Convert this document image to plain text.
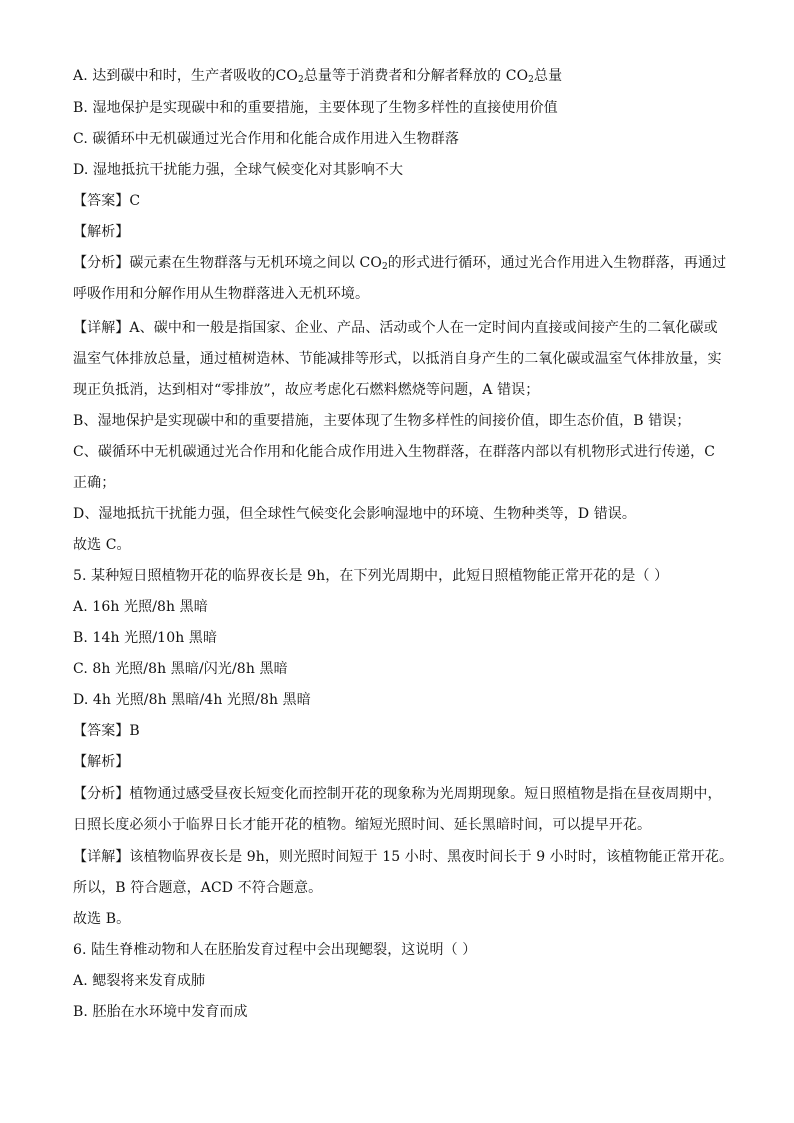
A. 达到碳中和时，生产者吸收的$CO_2$总量等于消费者和分解者释放的 $CO_2$总量
B. 湿地保护是实现碳中和的重要措施，主要体现了生物多样性的直接使用价值
C. 碳循环中无机碳通过光合作用和化能合成作用进入生物群落
D. 湿地抵抗干扰能力强，全球气候变化对其影响不大
【答案】C
【解析】
【分析】碳元素在生物群落与无机环境之间以 $CO_2$的形式进行循环，通过光合作用进入生物群落，再通过
呼吸作用和分解作用从生物群落进入无机环境。
【详解】A、碳中和一般是指国家、企业、产品、活动或个人在一定时间内直接或间接产生的二氧化碳或
温室气体排放总量，通过植树造林、节能减排等形式，以抵消自身产生的二氧化碳或温室气体排放量，实
现正负抵消，达到相对“零排放”，故应考虑化石燃料燃烧等问题，A 错误；
B、湿地保护是实现碳中和的重要措施，主要体现了生物多样性的间接价值，即生态价值，B 错误；
C、碳循环中无机碳通过光合作用和化能合成作用进入生物群落，在群落内部以有机物形式进行传递，C
正确；
D、湿地抵抗干扰能力强，但全球性气候变化会影响湿地中的环境、生物种类等，D 错误。
故选 C。
5. 某种短日照植物开花的临界夜长是 9h，在下列光周期中，此短日照植物能正常开花的是（ ）
A. 16h 光照/8h 黑暗
B. 14h 光照/10h 黑暗
C. 8h 光照/8h 黑暗/闪光/8h 黑暗
D. 4h 光照/8h 黑暗/4h 光照/8h 黑暗
【答案】B
【解析】
【分析】植物通过感受昼夜长短变化而控制开花的现象称为光周期现象。短日照植物是指在昼夜周期中，
日照长度必须小于临界日长才能开花的植物。缩短光照时间、延长黑暗时间，可以提早开花。
【详解】该植物临界夜长是 9h，则光照时间短于 15 小时、黑夜时间长于 9 小时时，该植物能正常开花。
所以，B 符合题意，ACD 不符合题意。
故选 B。
6. 陆生脊椎动物和人在胚胎发育过程中会出现鳃裂，这说明（ ）
A. 鳃裂将来发育成肺
B. 胚胎在水环境中发育而成
